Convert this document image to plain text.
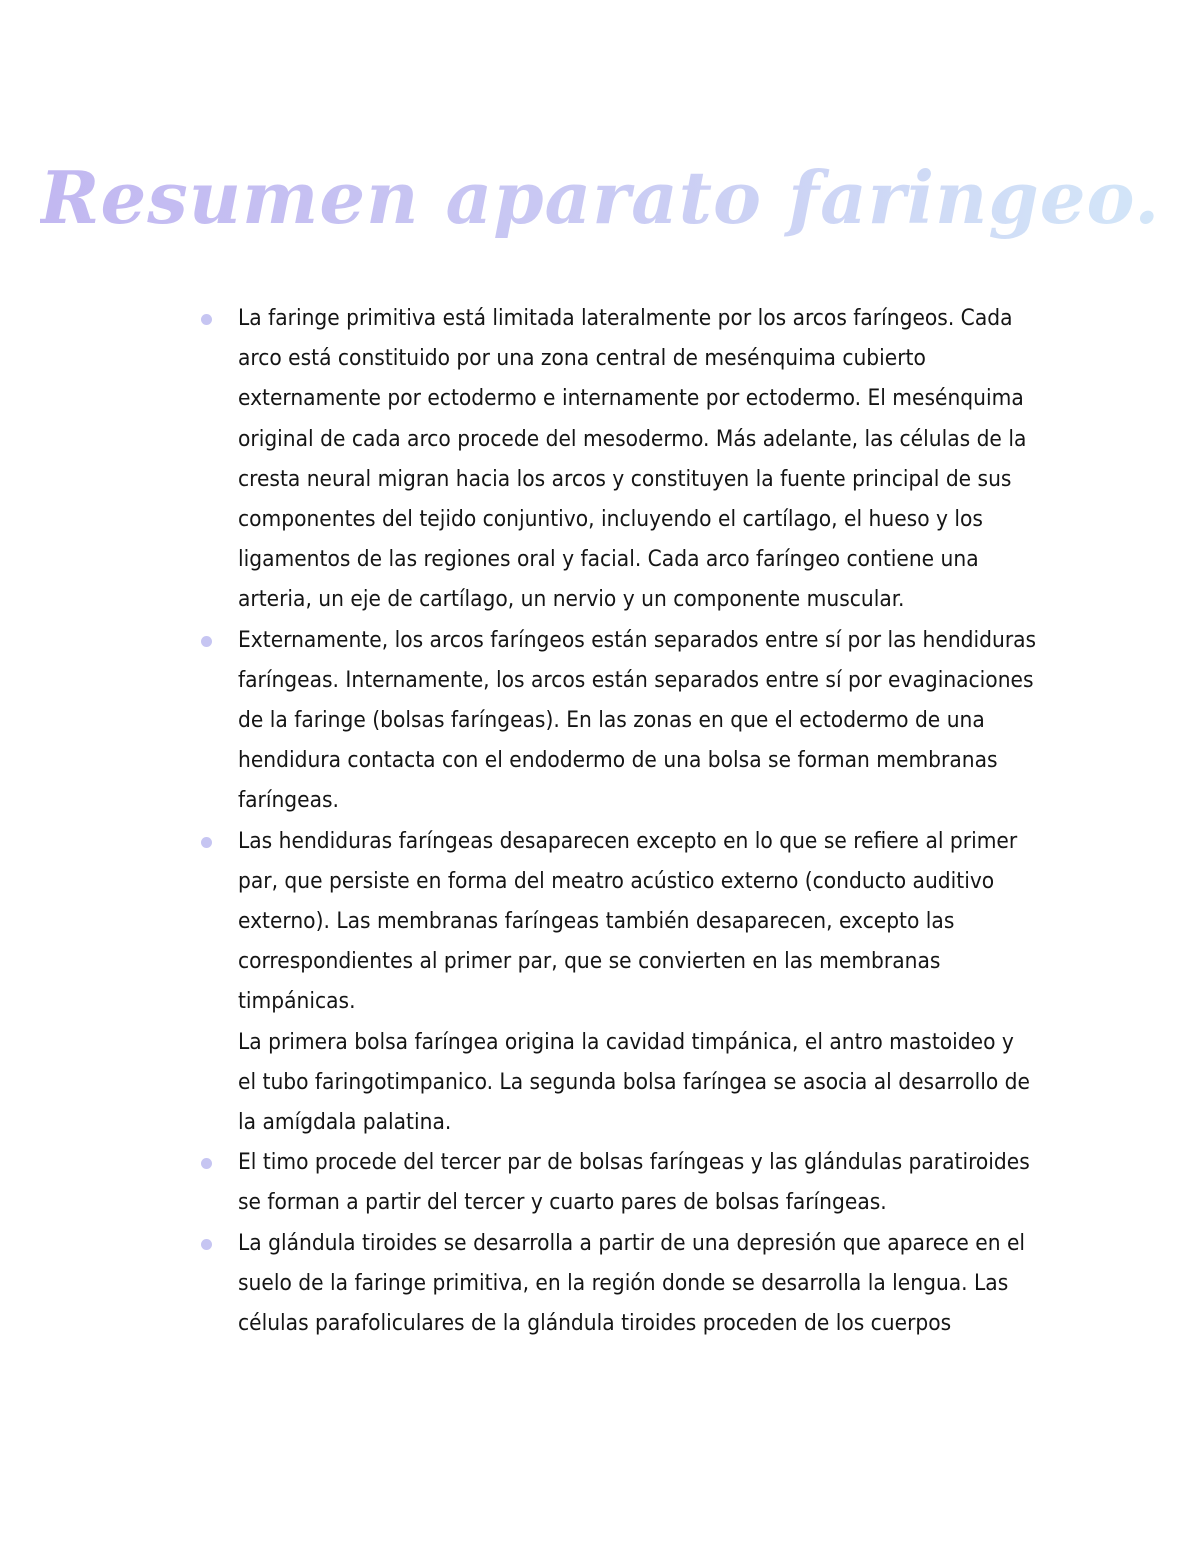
Resumen aparato faringeo.

La faringe primitiva está limitada lateralmente por los arcos faríngeos. Cada arco está constituido por una zona central de mesénquima cubierto externamente por ectodermo e internamente por ectodermo. El mesénquima original de cada arco procede del mesodermo. Más adelante, las células de la cresta neural migran hacia los arcos y constituyen la fuente principal de sus componentes del tejido conjuntivo, incluyendo el cartílago, el hueso y los ligamentos de las regiones oral y facial. Cada arco faríngeo contiene una arteria, un eje de cartílago, un nervio y un componente muscular.

Externamente, los arcos faríngeos están separados entre sí por las hendiduras faríngeas. Internamente, los arcos están separados entre sí por evaginaciones de la faringe (bolsas faríngeas). En las zonas en que el ectodermo de una hendidura contacta con el endodermo de una bolsa se forman membranas faríngeas.

Las hendiduras faríngeas desaparecen excepto en lo que se refiere al primer par, que persiste en forma del meatro acústico externo (conducto auditivo externo). Las membranas faríngeas también desaparecen, excepto las correspondientes al primer par, que se convierten en las membranas timpánicas.

La primera bolsa faríngea origina la cavidad timpánica, el antro mastoideo y el tubo faringotimpanico. La segunda bolsa faríngea se asocia al desarrollo de la amígdala palatina.

El timo procede del tercer par de bolsas faríngeas y las glándulas paratiroides se forman a partir del tercer y cuarto pares de bolsas faríngeas.

La glándula tiroides se desarrolla a partir de una depresión que aparece en el suelo de la faringe primitiva, en la región donde se desarrolla la lengua. Las células parafoliculares de la glándula tiroides proceden de los cuerpos
